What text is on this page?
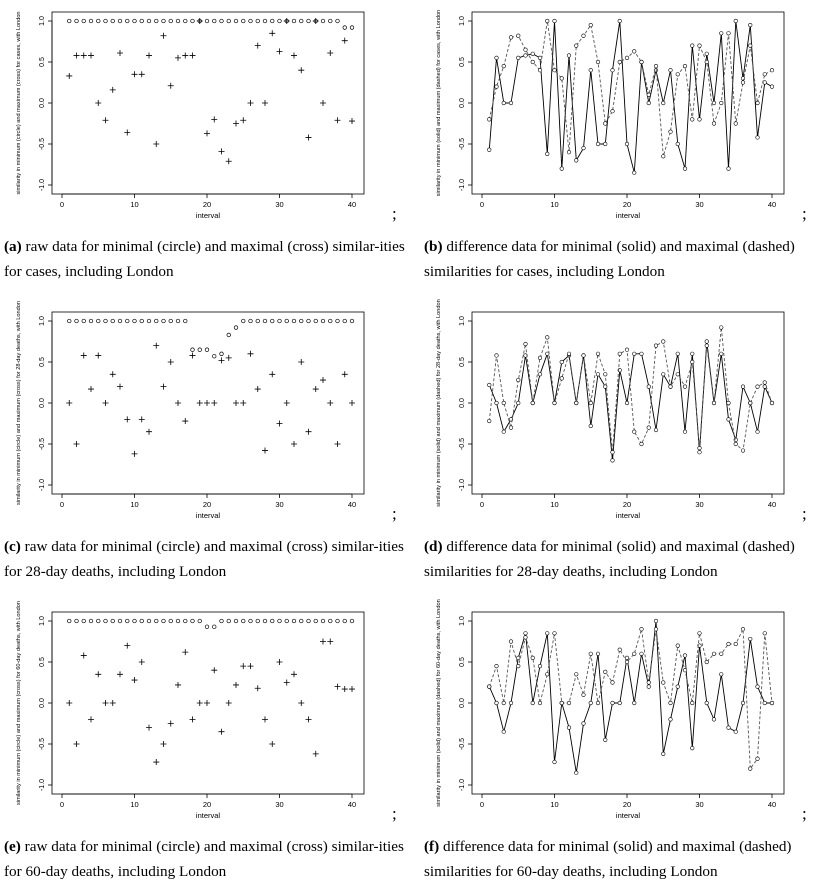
0	10	20	30	40
interval
-1.0
-0.5
0.0
0.5
1.0
similarity in minimum (circle) and maximum (cross) for cases, with London
;
(a) raw data for minimal (circle) and maximal (cross) similar-ities for cases, including London
0	10	20	30	40
interval
-1.0
-0.5
0.0
0.5
1.0
similarity in minimum (solid) and maximum (dashed) for cases, with London
;
(b) difference data for minimal (solid) and maximal (dashed) similarities for cases, including London
0	10	20	30	40
interval
-1.0
-0.5
0.0
0.5
1.0
similarity in minimum (circle) and maximum (cross) for 28-day deaths, with London
;
(c) raw data for minimal (circle) and maximal (cross) similar-ities for 28-day deaths, including London
0	10	20	30	40
interval
-1.0
-0.5
0.0
0.5
1.0
similarity in minimum (solid) and maximum (dashed) for 28-day deaths, with London
;
(d) difference data for minimal (solid) and maximal (dashed) similarities for 28-day deaths, including London
0	10	20	30	40
interval
-1.0
-0.5
0.0
0.5
1.0
similarity in minimum (circle) and maximum (cross) for 60-day deaths, with London
;
(e) raw data for minimal (circle) and maximal (cross) similar-ities for 60-day deaths, including London
0	10	20	30	40
interval
-1.0
-0.5
0.0
0.5
1.0
similarity in minimum (solid) and maximum (dashed) for 60-day deaths, with London
;
(f) difference data for minimal (solid) and maximal (dashed) similarities for 60-day deaths, including London
